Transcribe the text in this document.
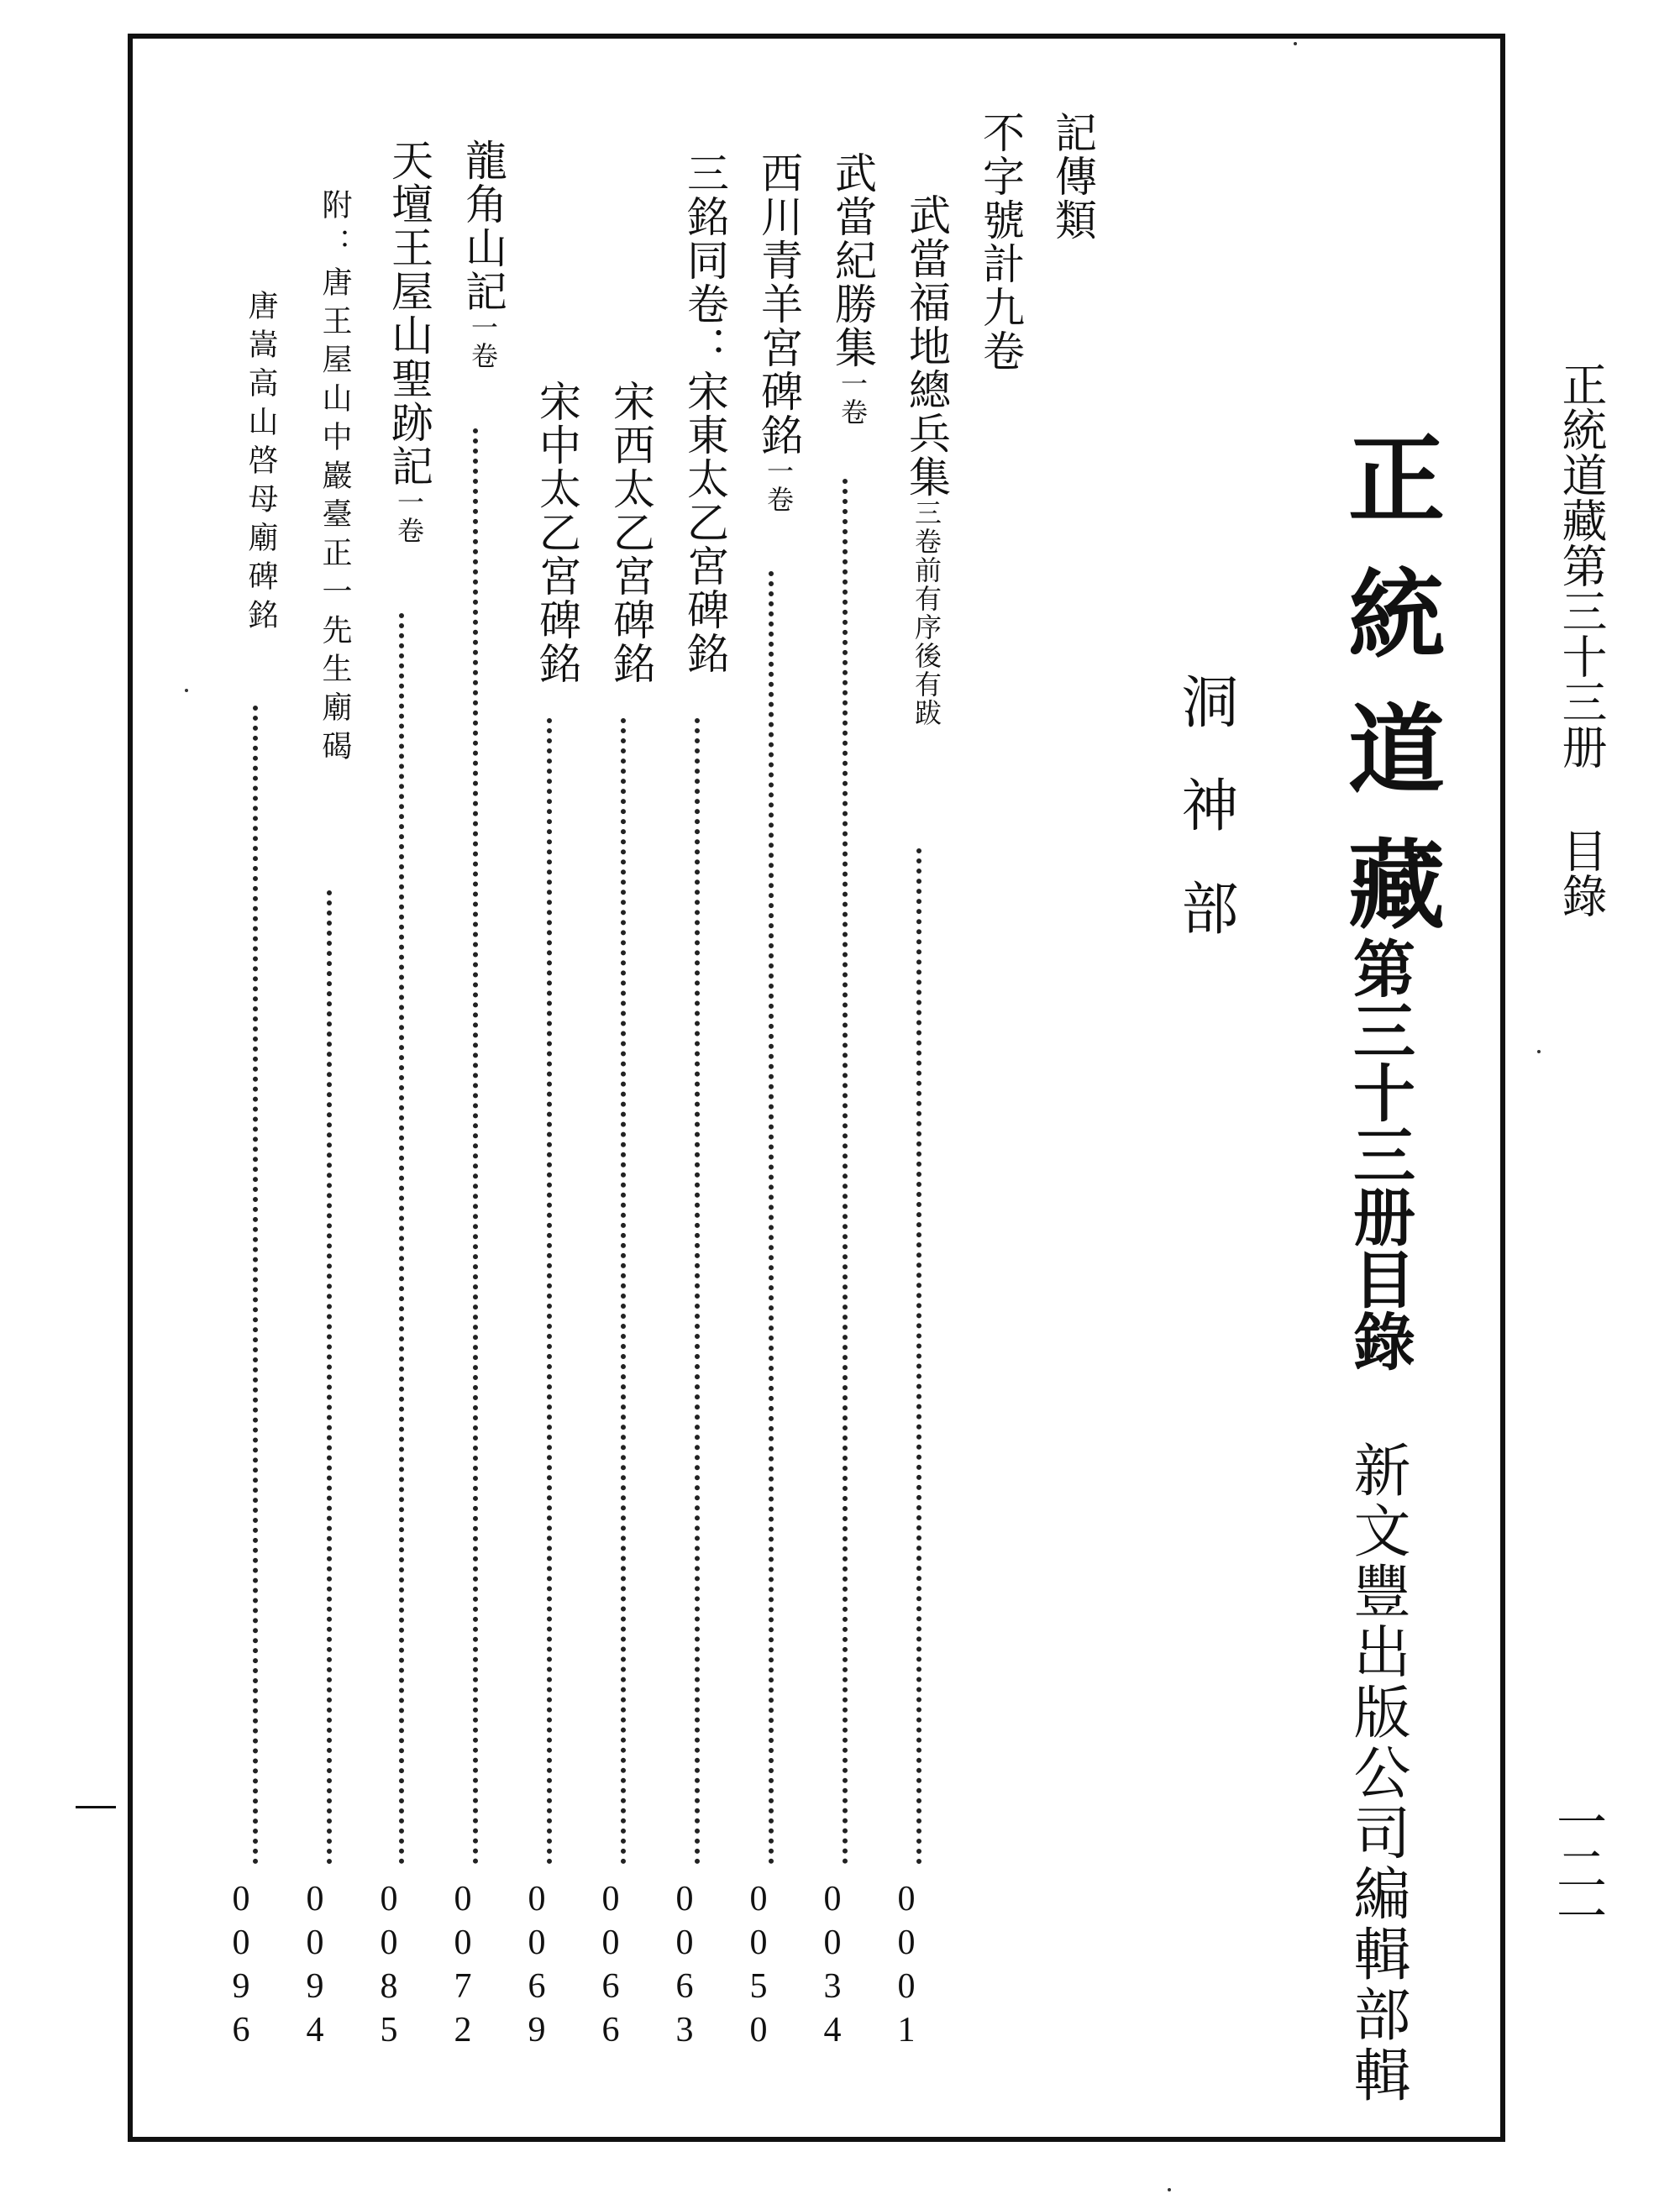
正統道藏第三十三册
目錄
一二一
正統道藏
第三十三册目錄
新文豐出版公司編輯部輯
洞神部
記傳類
不字號計九卷
武當福地總兵集三卷前有序後有跋
0001
武當紀勝集一卷
0034
西川青羊宮碑銘一卷
0050
三銘同卷：宋東太乙宮碑銘
0063
宋西太乙宮碑銘
0066
宋中太乙宮碑銘
0069
龍角山記一卷
0072
天壇王屋山聖跡記一卷
0085
附：唐王屋山中巖臺正一先生廟碣
0094
唐嵩高山啓母廟碑銘
0096
